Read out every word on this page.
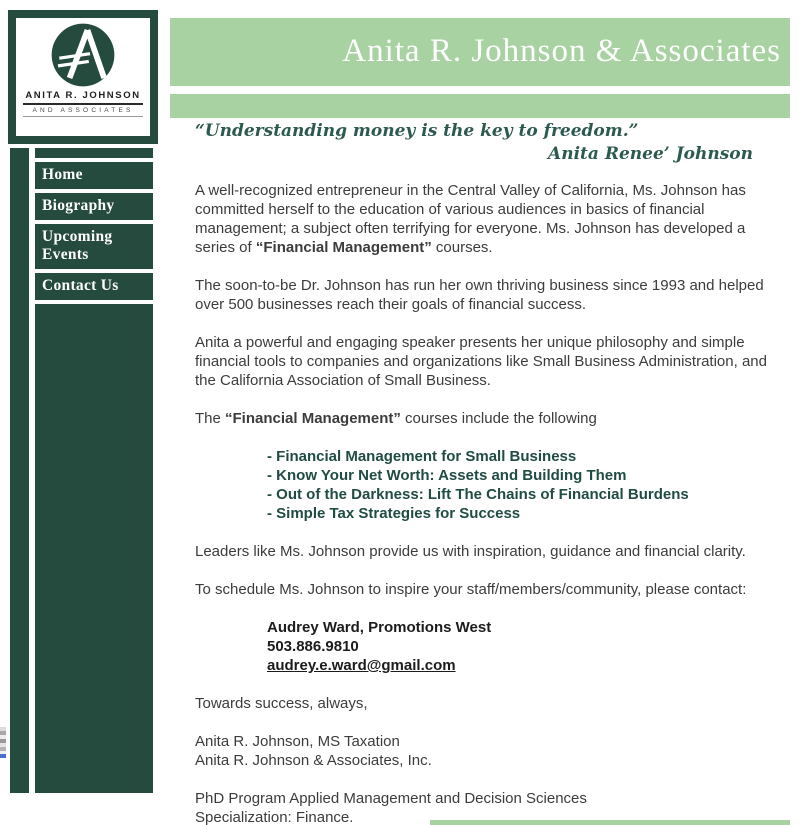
ANITA R. JOHNSON
AND ASSOCIATES
Home
Biography
Upcoming Events
Contact Us
Anita R. Johnson & Associates
“Understanding money is the key to freedom.”
Anita Renee’ Johnson

A well-recognized entrepreneur in the Central Valley of California, Ms. Johnson has committed herself to the education of various audiences in basics of financial management; a subject often terrifying for everyone. Ms. Johnson has developed a series of “Financial Management” courses.

The soon-to-be Dr. Johnson has run her own thriving business since 1993 and helped over 500 businesses reach their goals of financial success.

Anita a powerful and engaging speaker presents her unique philosophy and simple financial tools to companies and organizations like Small Business Administration, and the California Association of Small Business.

The “Financial Management” courses include the following

- Financial Management for Small Business
- Know Your Net Worth: Assets and Building Them
- Out of the Darkness: Lift The Chains of Financial Burdens
- Simple Tax Strategies for Success

Leaders like Ms. Johnson provide us with inspiration, guidance and financial clarity.

To schedule Ms. Johnson to inspire your staff/members/community, please contact:

Audrey Ward, Promotions West
503.886.9810
audrey.e.ward@gmail.com

Towards success, always,

Anita R. Johnson, MS Taxation
Anita R. Johnson & Associates, Inc.
PhD Program Applied Management and Decision Sciences
Specialization: Finance.
